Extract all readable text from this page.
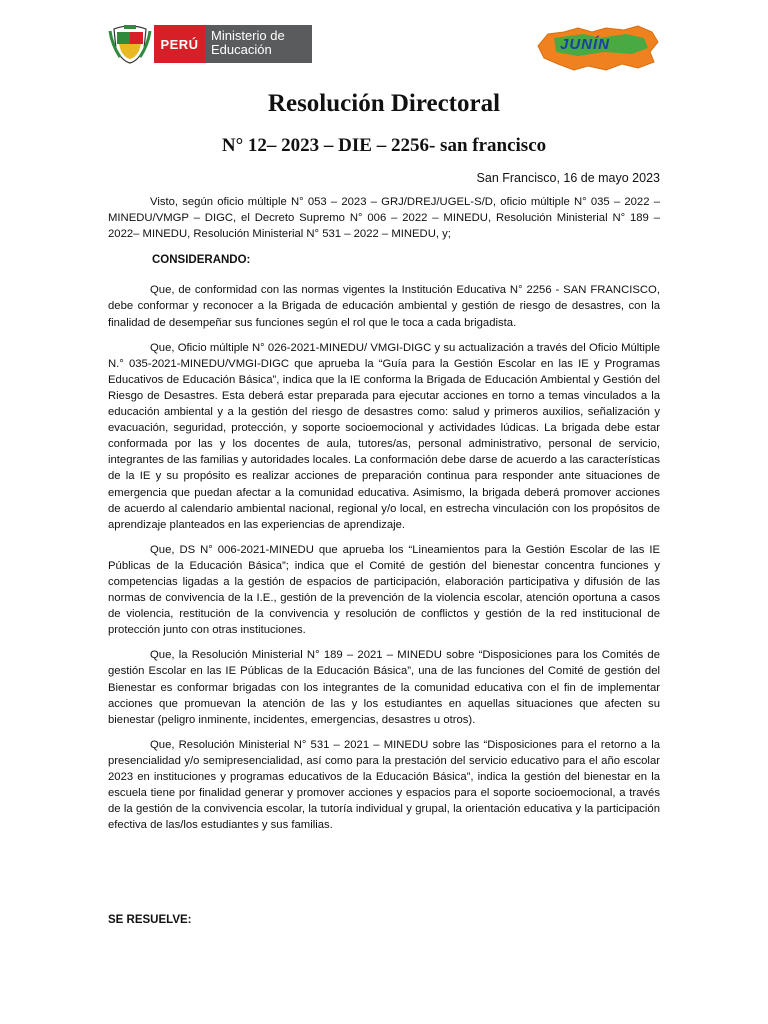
PERÚ
Ministerio de Educación	JUNÍN
Resolución Directoral
N° 12– 2023 – DIE – 2256- san francisco
San Francisco, 16 de mayo 2023

Visto, según oficio múltiple N° 053 – 2023 – GRJ/DREJ/UGEL-S/D, oficio múltiple N° 035 – 2022 – MINEDU/VMGP – DIGC, el Decreto Supremo N° 006 – 2022 – MINEDU, Resolución Ministerial N° 189 – 2022– MINEDU, Resolución Ministerial N° 531 – 2022 – MINEDU, y;

CONSIDERANDO:

Que, de conformidad con las normas vigentes la Institución Educativa N° 2256 - SAN FRANCISCO, debe conformar y reconocer a la Brigada de educación ambiental y gestión de riesgo de desastres, con la finalidad de desempeñar sus funciones según el rol que le toca a cada brigadista.

Que, Oficio múltiple N° 026-2021-MINEDU/ VMGI-DIGC y su actualización a través del Oficio Múltiple N.° 035-2021-MINEDU/VMGI-DIGC que aprueba la “Guía para la Gestión Escolar en las IE y Programas Educativos de Educación Básica”, indica que la IE conforma la Brigada de Educación Ambiental y Gestión del Riesgo de Desastres. Esta deberá estar preparada para ejecutar acciones en torno a temas vinculados a la educación ambiental y a la gestión del riesgo de desastres como: salud y primeros auxilios, señalización y evacuación, seguridad, protección, y soporte socioemocional y actividades lúdicas. La brigada debe estar conformada por las y los docentes de aula, tutores/as, personal administrativo, personal de servicio, integrantes de las familias y autoridades locales. La conformación debe darse de acuerdo a las características de la IE y su propósito es realizar acciones de preparación continua para responder ante situaciones de emergencia que puedan afectar a la comunidad educativa. Asimismo, la brigada deberá promover acciones de acuerdo al calendario ambiental nacional, regional y/o local, en estrecha vinculación con los propósitos de aprendizaje planteados en las experiencias de aprendizaje.

Que, DS N° 006-2021-MINEDU que aprueba los “Lineamientos para la Gestión Escolar de las IE Públicas de la Educación Básica”; indica que el Comité de gestión del bienestar concentra funciones y competencias ligadas a la gestión de espacios de participación, elaboración participativa y difusión de las normas de convivencia de la I.E., gestión de la prevención de la violencia escolar, atención oportuna a casos de violencia, restitución de la convivencia y resolución de conflictos y gestión de la red institucional de protección junto con otras instituciones.

Que, la Resolución Ministerial N° 189 – 2021 – MINEDU sobre “Disposiciones para los Comités de gestión Escolar en las IE Públicas de la Educación Básica”, una de las funciones del Comité de gestión del Bienestar es conformar brigadas con los integrantes de la comunidad educativa con el fin de implementar acciones que promuevan la atención de las y los estudiantes en aquellas situaciones que afecten su bienestar (peligro inminente, incidentes, emergencias, desastres u otros).

Que, Resolución Ministerial N° 531 – 2021 – MINEDU sobre las “Disposiciones para el retorno a la presencialidad y/o semipresencialidad, así como para la prestación del servicio educativo para el año escolar 2023 en instituciones y programas educativos de la Educación Básica”, indica la gestión del bienestar en la escuela tiene por finalidad generar y promover acciones y espacios para el soporte socioemocional, a través de la gestión de la convivencia escolar, la tutoría individual y grupal, la orientación educativa y la participación efectiva de las/los estudiantes y sus familias.

SE RESUELVE:
